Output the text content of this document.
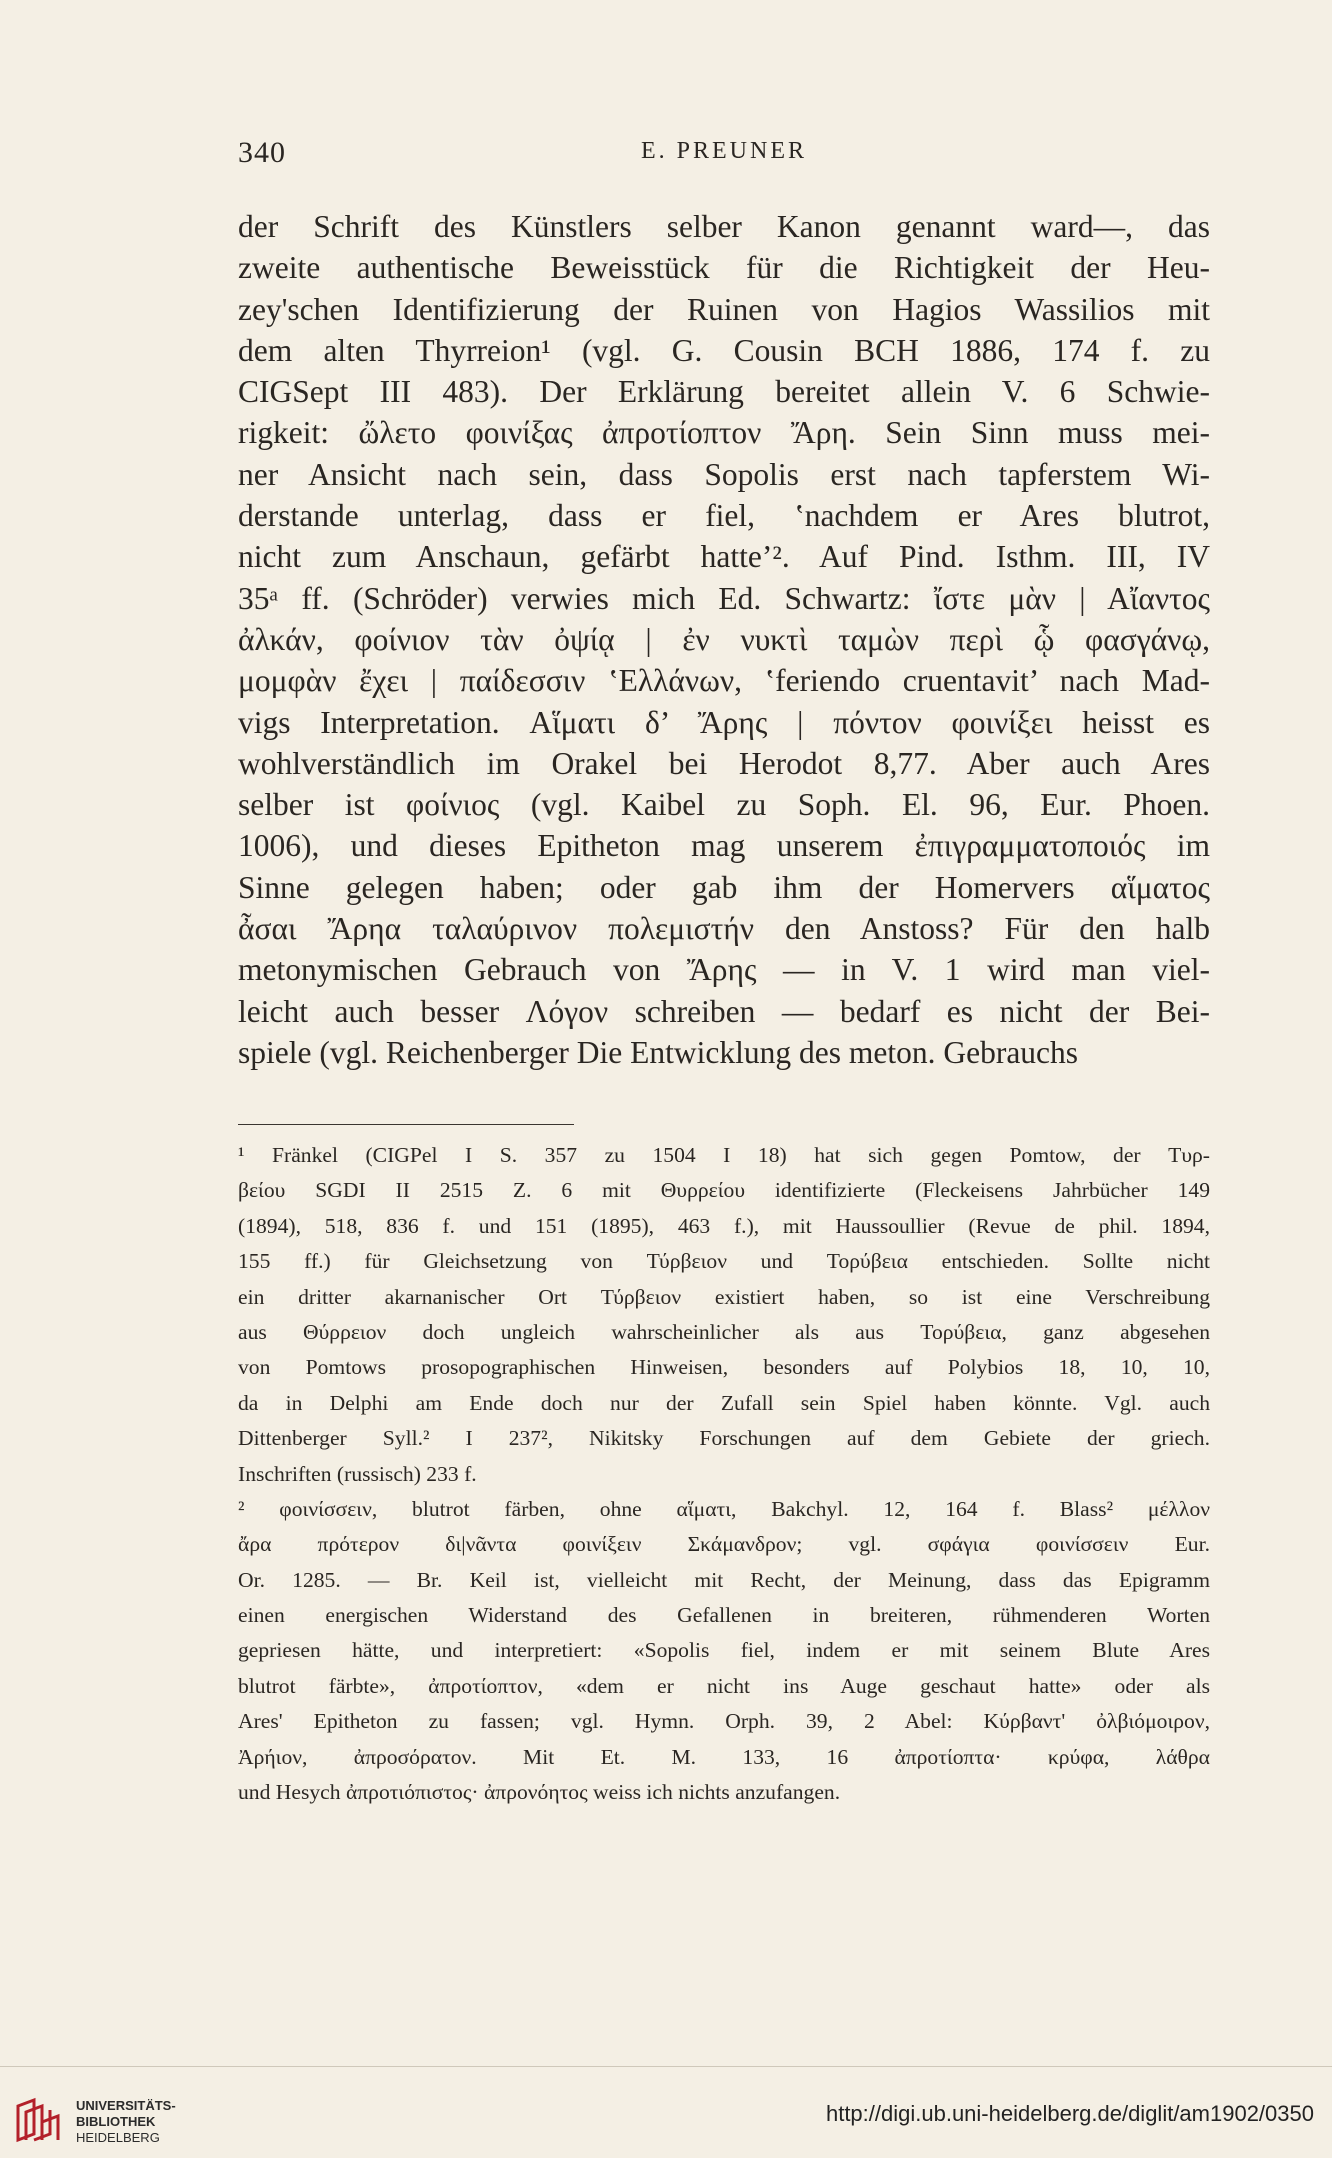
340	E. PREUNER
der Schrift des Künstlers selber Kanon genannt ward—, das
zweite authentische Beweisstück für die Richtigkeit der Heu-
zey'schen Identifizierung der Ruinen von Hagios Wassilios mit
dem alten Thyrreion¹ (vgl. G. Cousin BCH 1886, 174 f. zu
CIGSept III 483). Der Erklärung bereitet allein V. 6 Schwie-
rigkeit: ὤλετο φοινίξας ἀπροτίοπτον Ἄρη. Sein Sinn muss mei-
ner Ansicht nach sein, dass Sopolis erst nach tapferstem Wi-
derstande unterlag, dass er fiel, ‛nachdem er Ares blutrot,
nicht zum Anschaun, gefärbt hatte’². Auf Pind. Isthm. III, IV
35ᵃ ff. (Schröder) verwies mich Ed. Schwartz: ἴστε μὰν | Αἴαντος
ἀλκάν, φοίνιον τὰν ὀψίᾳ | ἐν νυκτὶ ταμὼν περὶ ᾧ φασγάνῳ,
μομφὰν ἔχει | παίδεσσιν ‛Ελλάνων, ‛feriendo cruentavit’ nach Mad-
vigs Interpretation. Αἵματι δ’ Ἄρης | πόντον φοινίξει heisst es
wohlverständlich im Orakel bei Herodot 8,77. Aber auch Ares
selber ist φοίνιος (vgl. Kaibel zu Soph. El. 96, Eur. Phoen.
1006), und dieses Epitheton mag unserem ἐπιγραμματοποιός im
Sinne gelegen haben; oder gab ihm der Homervers αἵματος
ἆσαι Ἄρηα ταλαύρινον πολεμιστήν den Anstoss? Für den halb
metonymischen Gebrauch von Ἄρης — in V. 1 wird man viel-
leicht auch besser Λόγον schreiben — bedarf es nicht der Bei-
spiele (vgl. Reichenberger Die Entwicklung des meton. Gebrauchs
¹ Fränkel (CIGPel I S. 357 zu 1504 I 18) hat sich gegen Pomtow, der Τυρ-
βείου SGDI II 2515 Z. 6 mit Θυρρείου identifizierte (Fleckeisens Jahrbücher 149
(1894), 518, 836 f. und 151 (1895), 463 f.), mit Haussoullier (Revue de phil. 1894,
155 ff.) für Gleichsetzung von Τύρβειον und Τορύβεια entschieden. Sollte nicht
ein dritter akarnanischer Ort Τύρβειον existiert haben, so ist eine Verschreibung
aus Θύρρειον doch ungleich wahrscheinlicher als aus Τορύβεια, ganz abgesehen
von Pomtows prosopographischen Hinweisen, besonders auf Polybios 18, 10, 10,
da in Delphi am Ende doch nur der Zufall sein Spiel haben könnte. Vgl. auch
Dittenberger Syll.² I 237², Nikitsky Forschungen auf dem Gebiete der griech.
Inschriften (russisch) 233 f.
² φοινίσσειν, blutrot färben, ohne αἵματι, Bakchyl. 12, 164 f. Blass² μέλλον
ἄρα πρότερον δι|νᾶντα φοινίξειν Σκάμανδρον; vgl. σφάγια φοινίσσειν Eur.
Or. 1285. — Br. Keil ist, vielleicht mit Recht, der Meinung, dass das Epigramm
einen energischen Widerstand des Gefallenen in breiteren, rühmenderen Worten
gepriesen hätte, und interpretiert: «Sopolis fiel, indem er mit seinem Blute Ares
blutrot färbte», ἀπροτίοπτον, «dem er nicht ins Auge geschaut hatte» oder als
Ares' Epitheton zu fassen; vgl. Hymn. Orph. 39, 2 Abel: Κύρβαντ' ὀλβιόμοιρον,
Ἀρήιον, ἀπροσόρατον. Mit Et. M. 133, 16 ἀπροτίοπτα· κρύφα, λάθρα
und Hesych ἀπροτιόπιστος· ἀπρονόητος weiss ich nichts anzufangen.
UNIVERSITÄTS-
BIBLIOTHEK
HEIDELBERG
http://digi.ub.uni-heidelberg.de/diglit/am1902/0350
